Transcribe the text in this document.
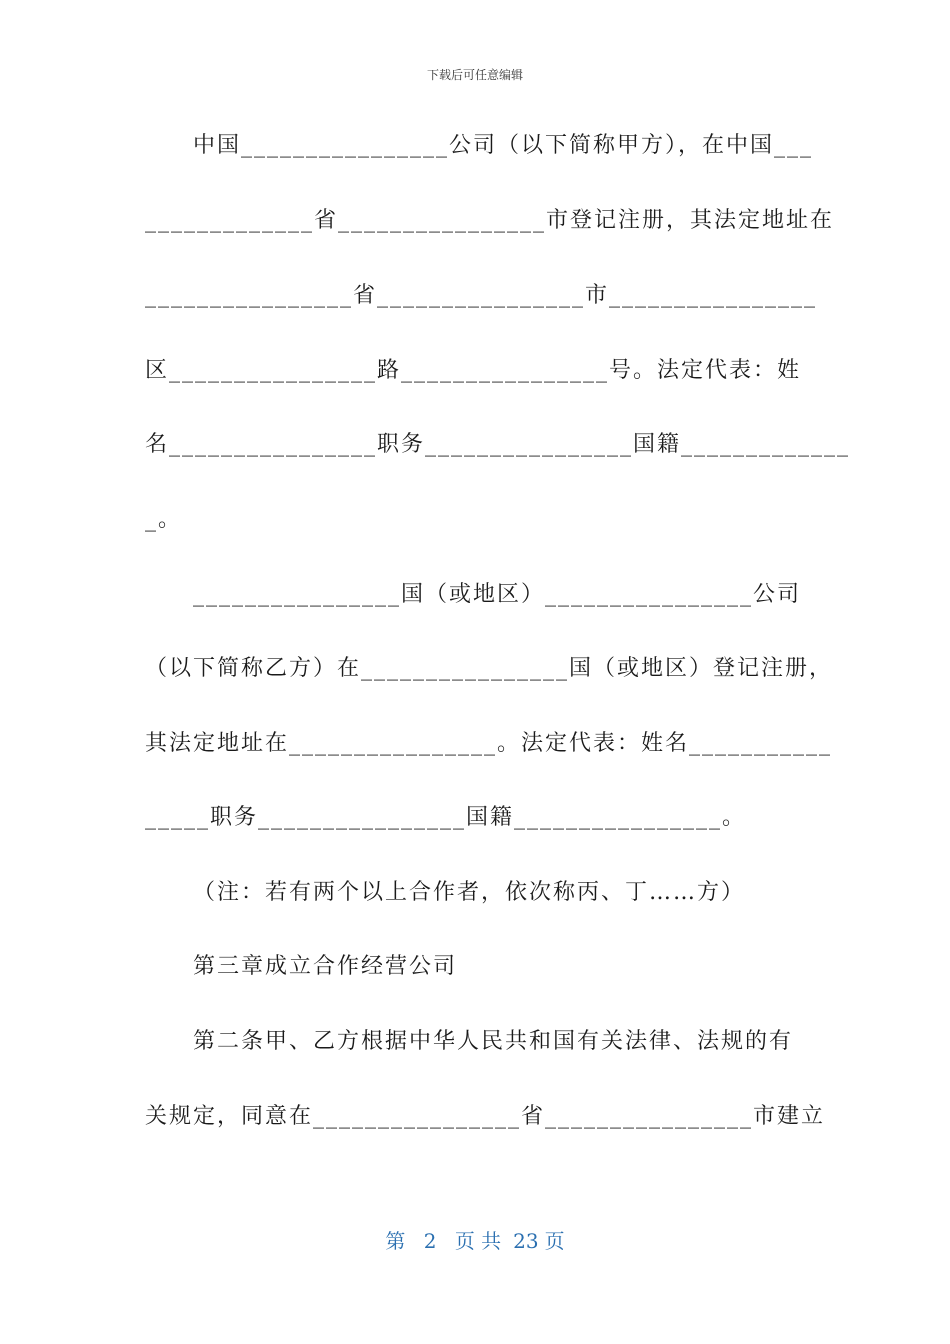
下载后可任意编辑
中国________________公司（以下简称甲方），在中国___
_____________省________________市登记注册，其法定地址在
________________省________________市________________
区________________路________________号。法定代表：姓
名________________职务________________国籍_____________
_。
________________国（或地区）________________公司
（以下简称乙方）在________________国（或地区）登记注册，
其法定地址在________________。法定代表：姓名___________
_____职务________________国籍________________。
（注：若有两个以上合作者，依次称丙、丁……方）
第三章成立合作经营公司
第二条甲、乙方根据中华人民共和国有关法律、法规的有
关规定，同意在________________省________________市建立
第 2 页 共 23 页
